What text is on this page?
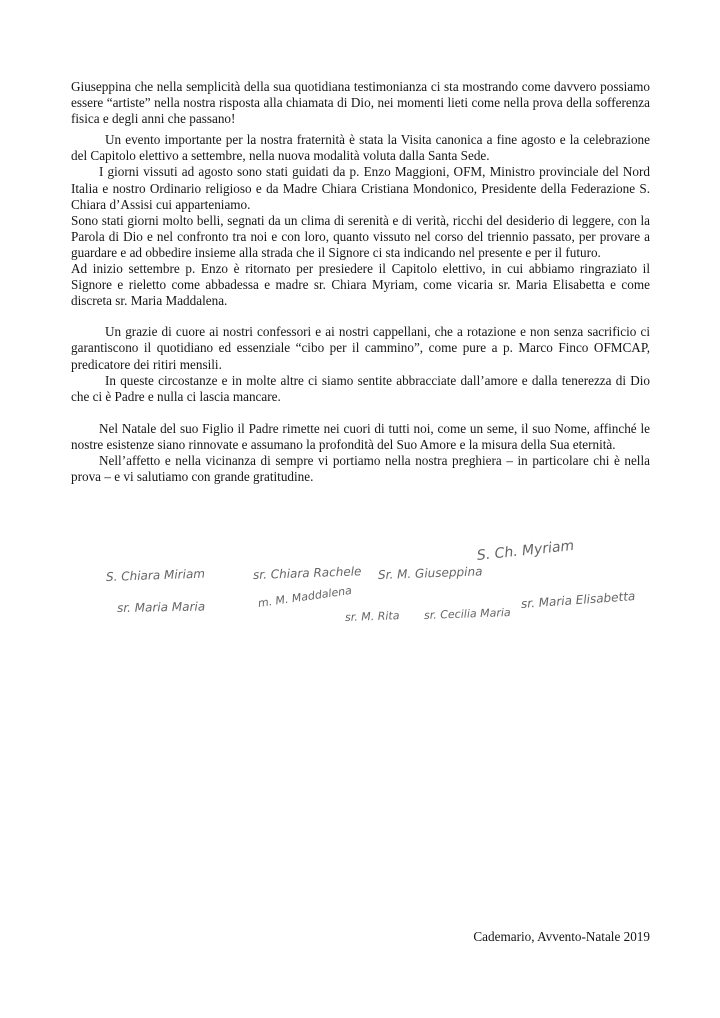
Giuseppina che nella semplicità della sua quotidiana testimonianza ci sta mostrando come davvero possiamo essere “artiste” nella nostra risposta alla chiamata di Dio, nei momenti lieti come nella prova della sofferenza fisica e degli anni che passano!

Un evento importante per la nostra fraternità è stata la Visita canonica a fine agosto e la celebrazione del Capitolo elettivo a settembre, nella nuova modalità voluta dalla Santa Sede.

I giorni vissuti ad agosto sono stati guidati da p. Enzo Maggioni, OFM, Ministro provinciale del Nord Italia e nostro Ordinario religioso e da Madre Chiara Cristiana Mondonico, Presidente della Federazione S. Chiara d’Assisi cui apparteniamo.

Sono stati giorni molto belli, segnati da un clima di serenità e di verità, ricchi del desiderio di leggere, con la Parola di Dio e nel confronto tra noi e con loro, quanto vissuto nel corso del triennio passato, per provare a guardare e ad obbedire insieme alla strada che il Signore ci sta indicando nel presente e per il futuro.

Ad inizio settembre p. Enzo è ritornato per presiedere il Capitolo elettivo, in cui abbiamo ringraziato il Signore e rieletto come abbadessa e madre sr. Chiara Myriam, come vicaria sr. Maria Elisabetta e come discreta sr. Maria Maddalena.

Un grazie di cuore ai nostri confessori e ai nostri cappellani, che a rotazione e non senza sacrificio ci garantiscono il quotidiano ed essenziale “cibo per il cammino”, come pure a p. Marco Finco OFMCAP, predicatore dei ritiri mensili.

In queste circostanze e in molte altre ci siamo sentite abbracciate dall’amore e dalla tenerezza di Dio che ci è Padre e nulla ci lascia mancare.

Nel Natale del suo Figlio il Padre rimette nei cuori di tutti noi, come un seme, il suo Nome, affinché le nostre esistenze siano rinnovate e assumano la profondità del Suo Amore e la misura della Sua eternità.

Nell’affetto e nella vicinanza di sempre vi portiamo nella nostra preghiera – in particolare chi è nella prova – e vi salutiamo con grande gratitudine.

S. Ch. Myriam
S. Chiara Miriam	sr. Chiara Rachele Sr. M. Giuseppina
sr. Maria Maria	m. M. Maddalena
sr. M. Rita sr. Cecilia Maria
sr. Maria Elisabetta
Cademario, Avvento-Natale 2019
